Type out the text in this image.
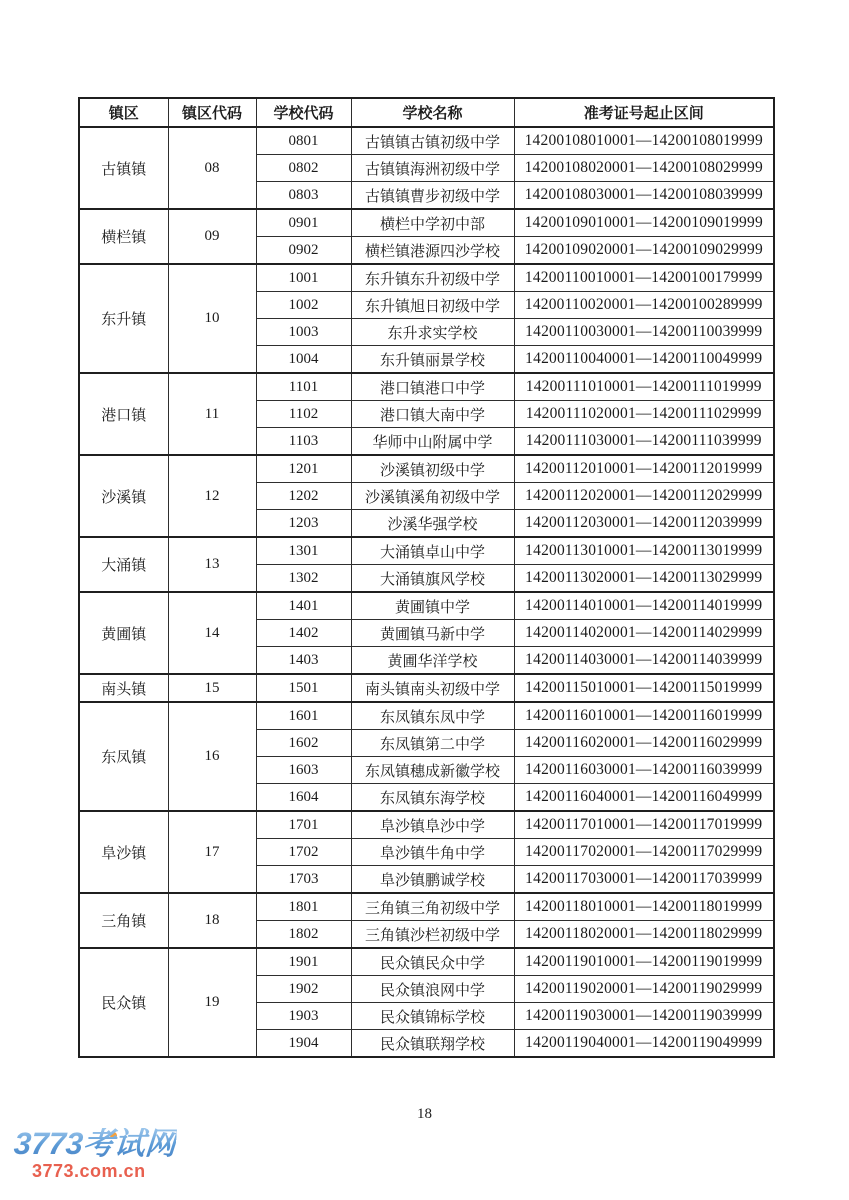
镇区	镇区代码	学校代码	学校名称	准考证号起止区间
古镇镇	08	0801	古镇镇古镇初级中学	14200108010001—14200108019999
		0802	古镇镇海洲初级中学	14200108020001—14200108029999
		0803	古镇镇曹步初级中学	14200108030001—14200108039999
横栏镇	09	0901	横栏中学初中部	14200109010001—14200109019999
		0902	横栏镇港源四沙学校	14200109020001—14200109029999
东升镇	10	1001	东升镇东升初级中学	14200110010001—14200100179999
		1002	东升镇旭日初级中学	14200110020001—14200100289999
		1003	东升求实学校	14200110030001—14200110039999
		1004	东升镇丽景学校	14200110040001—14200110049999
港口镇	11	1101	港口镇港口中学	14200111010001—14200111019999
		1102	港口镇大南中学	14200111020001—14200111029999
		1103	华师中山附属中学	14200111030001—14200111039999
沙溪镇	12	1201	沙溪镇初级中学	14200112010001—14200112019999
		1202	沙溪镇溪角初级中学	14200112020001—14200112029999
		1203	沙溪华强学校	14200112030001—14200112039999
大涌镇	13	1301	大涌镇卓山中学	14200113010001—14200113019999
		1302	大涌镇旗风学校	14200113020001—14200113029999
黄圃镇	14	1401	黄圃镇中学	14200114010001—14200114019999
		1402	黄圃镇马新中学	14200114020001—14200114029999
		1403	黄圃华洋学校	14200114030001—14200114039999
南头镇	15	1501	南头镇南头初级中学	14200115010001—14200115019999
东凤镇	16	1601	东凤镇东凤中学	14200116010001—14200116019999
		1602	东凤镇第二中学	14200116020001—14200116029999
		1603	东凤镇穗成新徽学校	14200116030001—14200116039999
		1604	东凤镇东海学校	14200116040001—14200116049999
阜沙镇	17	1701	阜沙镇阜沙中学	14200117010001—14200117019999
		1702	阜沙镇牛角中学	14200117020001—14200117029999
		1703	阜沙镇鹏诚学校	14200117030001—14200117039999
三角镇	18	1801	三角镇三角初级中学	14200118010001—14200118019999
		1802	三角镇沙栏初级中学	14200118020001—14200118029999
民众镇	19	1901	民众镇民众中学	14200119010001—14200119019999
		1902	民众镇浪网中学	14200119020001—14200119029999
		1903	民众镇锦标学校	14200119030001—14200119039999
		1904	民众镇联翔学校	14200119040001—14200119049999
18
3773考试网
3773.com.cn
